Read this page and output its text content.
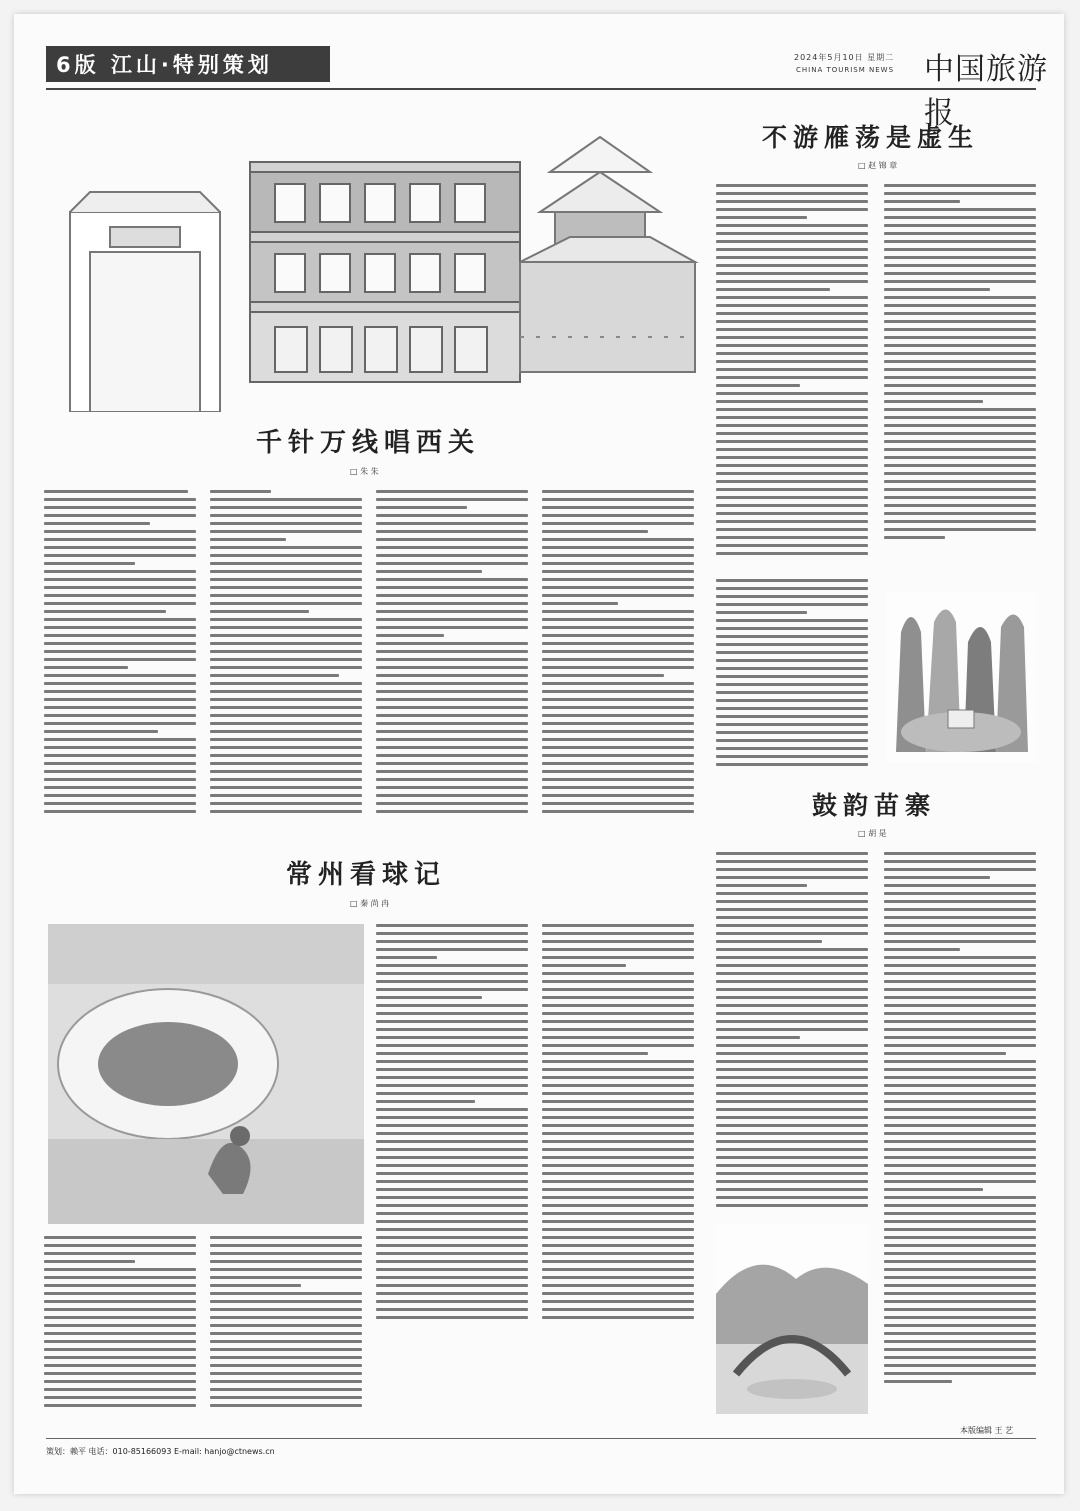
6版 江山·特别策划	2024年5月10日 星期二
CHINA TOURISM NEWS 中国旅游报
千针万线唱西关
□ 朱 朱
不游雁荡是虚生
□ 赵 锦 章
鼓韵苗寨
□ 胡 是
常州看球记
□ 秦 尚 冉
本版编辑 王 艺
策划：赖平 电话：010-85166093 E-mail: hanjo@ctnews.cn
